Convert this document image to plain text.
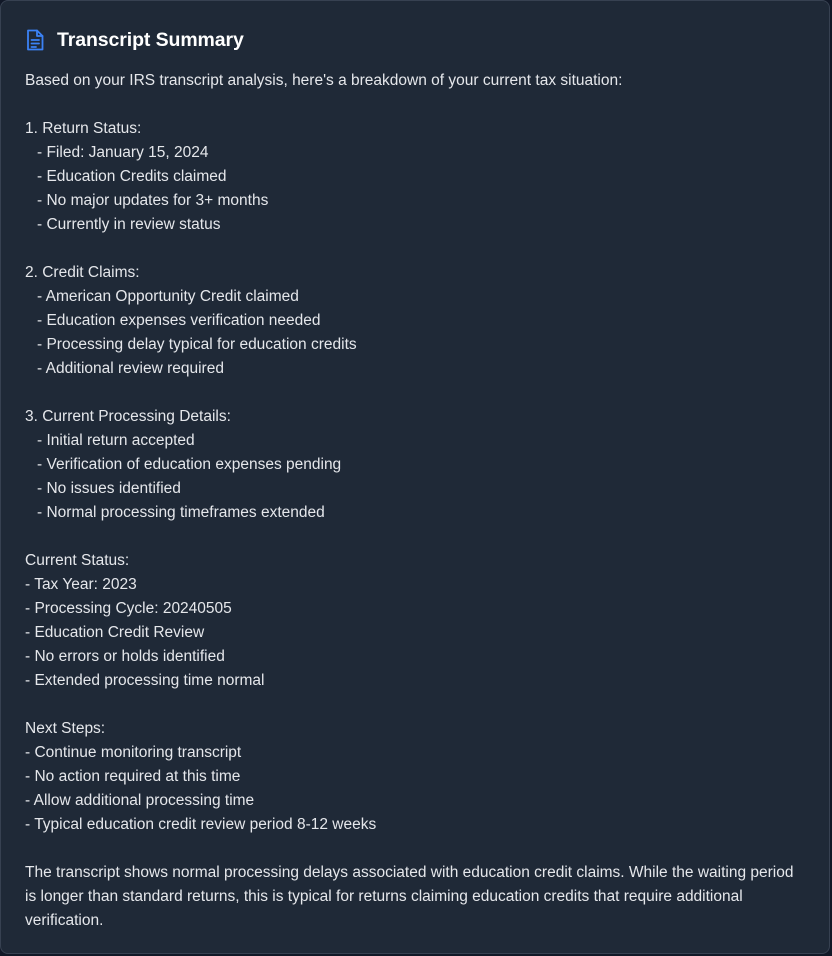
Transcript Summary
Based on your IRS transcript analysis, here's a breakdown of your current tax situation:
1. Return Status:
- Filed: January 15, 2024
- Education Credits claimed
- No major updates for 3+ months
- Currently in review status
2. Credit Claims:
- American Opportunity Credit claimed
- Education expenses verification needed
- Processing delay typical for education credits
- Additional review required
3. Current Processing Details:
- Initial return accepted
- Verification of education expenses pending
- No issues identified
- Normal processing timeframes extended
Current Status:
- Tax Year: 2023
- Processing Cycle: 20240505
- Education Credit Review
- No errors or holds identified
- Extended processing time normal
Next Steps:
- Continue monitoring transcript
- No action required at this time
- Allow additional processing time
- Typical education credit review period 8-12 weeks
The transcript shows normal processing delays associated with education credit claims. While the waiting period is longer than standard returns, this is typical for returns claiming education credits that require additional verification.
